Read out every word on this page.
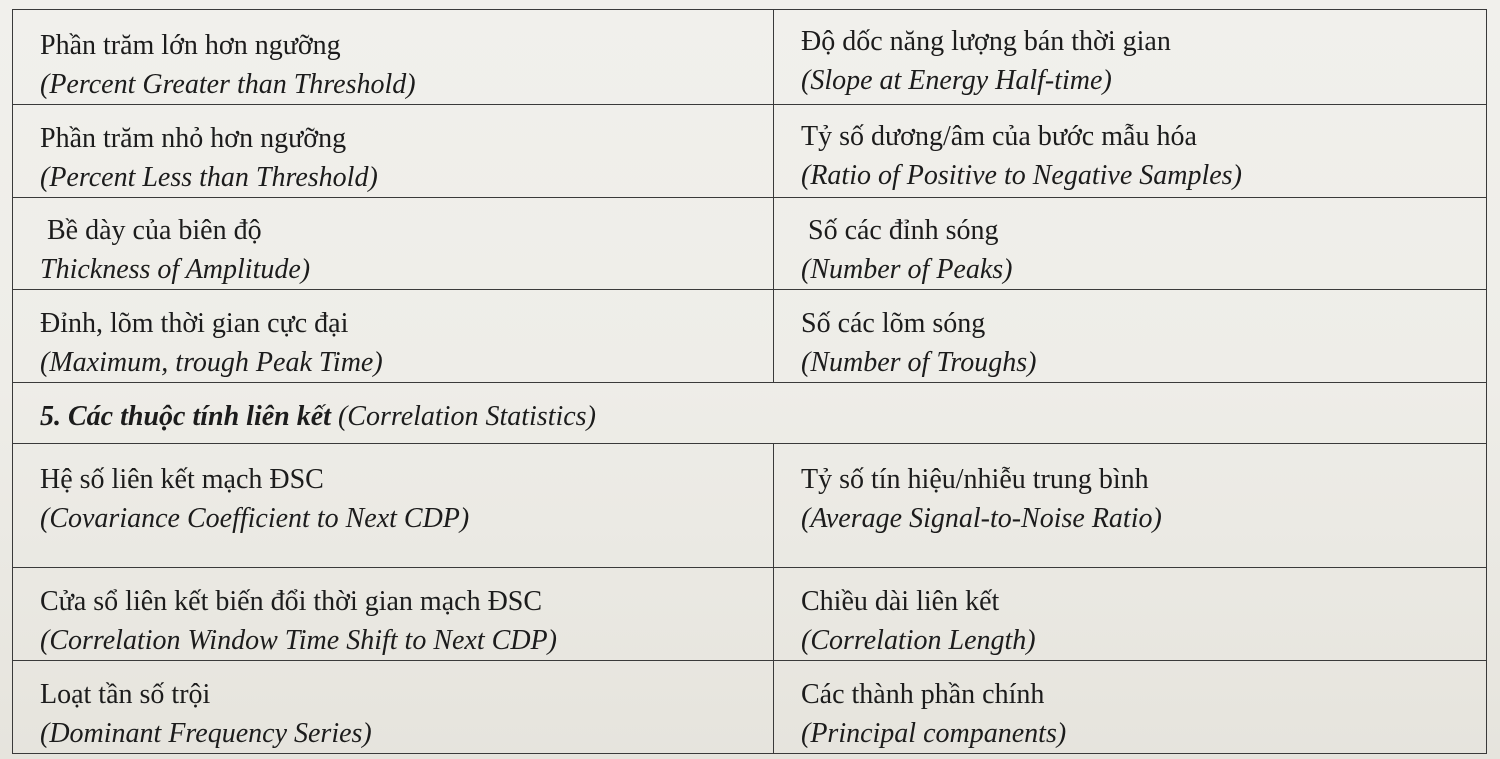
Phần trăm lớn hơn ngưỡng
(Percent Greater than Threshold)	Độ dốc năng lượng bán thời gian
(Slope at Energy Half-time)

Phần trăm nhỏ hơn ngưỡng
(Percent Less than Threshold)	Tỷ số dương/âm của bước mẫu hóa
(Ratio of Positive to Negative Samples)

Bề dày của biên độ
Thickness of Amplitude)	Số các đỉnh sóng
(Number of Peaks)

Đỉnh, lõm thời gian cực đại
(Maximum, trough Peak Time)	Số các lõm sóng
(Number of Troughs)

5. Các thuộc tính liên kết (Correlation Statistics)	

Hệ số liên kết mạch ĐSC
(Covariance Coefficient to Next CDP)	Tỷ số tín hiệu/nhiễu trung bình
(Average Signal-to-Noise Ratio)

Cửa sổ liên kết biến đổi thời gian mạch ĐSC
(Correlation Window Time Shift to Next CDP)	Chiều dài liên kết
(Correlation Length)

Loạt tần số trội
(Dominant Frequency Series)	Các thành phần chính
(Principal companents)
